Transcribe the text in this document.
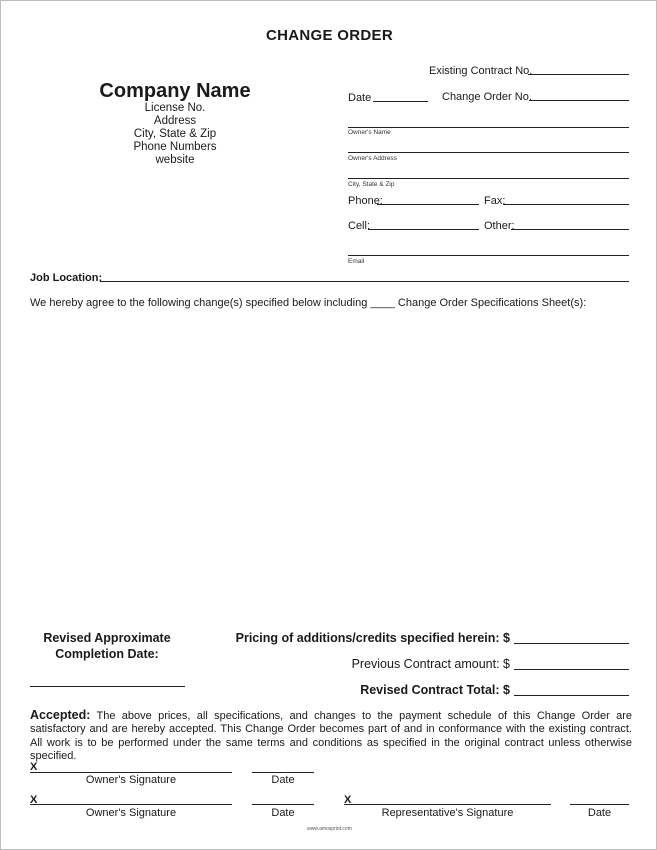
CHANGE ORDER
Company Name
License No.
Address
City, State & Zip
Phone Numbers
website
Existing Contract No.
Date	Change Order No.
Owner's Name
Owner's Address
City, State & Zip
Phone:	Fax:
Cell:	Other:
Email
Job Location:
We hereby agree to the following change(s) specified below including ____ Change Order Specifications Sheet(s):
Revised Approximate
Completion Date:
Pricing of additions/credits specified herein: $
Previous Contract amount: $
Revised Contract Total: $
Accepted: The above prices, all specifications, and changes to the payment schedule of this Change Order are satisfactory and are hereby accepted. This Change Order becomes part of and in conformance with the existing contract. All work is to be performed under the same terms and conditions as specified in the original contract unless otherwise specified.
X
Owner's Signature	Date
X
Owner's Signature	Date
X
Representative's Signature	Date
www.amosprint.com
